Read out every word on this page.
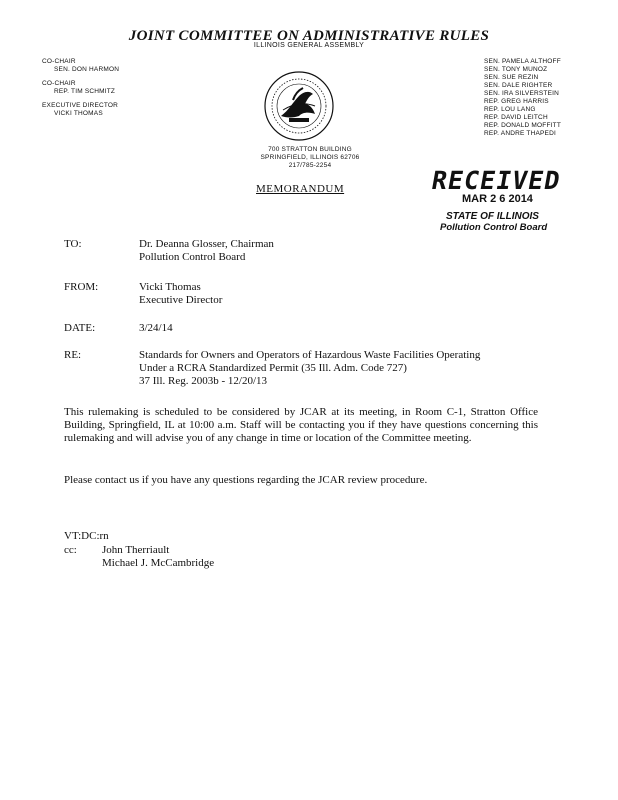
JOINT COMMITTEE ON ADMINISTRATIVE RULES
ILLINOIS GENERAL ASSEMBLY
CO-CHAIR
SEN. DON HARMON
CO-CHAIR
REP. TIM SCHMITZ
EXECUTIVE DIRECTOR
VICKI THOMAS
SEN. PAMELA ALTHOFF
SEN. TONY MUNOZ
SEN. SUE REZIN
SEN. DALE RIGHTER
SEN. IRA SILVERSTEIN
REP. GREG HARRIS
REP. LOU LANG
REP. DAVID LEITCH
REP. DONALD MOFFITT
REP. ANDRE THAPEDI
700 STRATTON BUILDING
SPRINGFIELD, ILLINOIS 62706
217/785-2254
RECEIVED
MAR 2 6 2014
STATE OF ILLINOIS
Pollution Control Board
MEMORANDUM
TO:	Dr. Deanna Glosser, Chairman
Pollution Control Board
FROM:	Vicki Thomas
Executive Director
DATE:	3/24/14
RE:	Standards for Owners and Operators of Hazardous Waste Facilities Operating
Under a RCRA Standardized Permit (35 Ill. Adm. Code 727)
37 Ill. Reg. 2003b - 12/20/13
This rulemaking is scheduled to be considered by JCAR at its meeting, in Room C-1, Stratton Office Building, Springfield, IL at 10:00 a.m. Staff will be contacting you if they have questions concerning this rulemaking and will advise you of any change in time or location of the Committee meeting.
Please contact us if you have any questions regarding the JCAR review procedure.
VT:DC:rn
cc: John Therriault
Michael J. McCambridge
